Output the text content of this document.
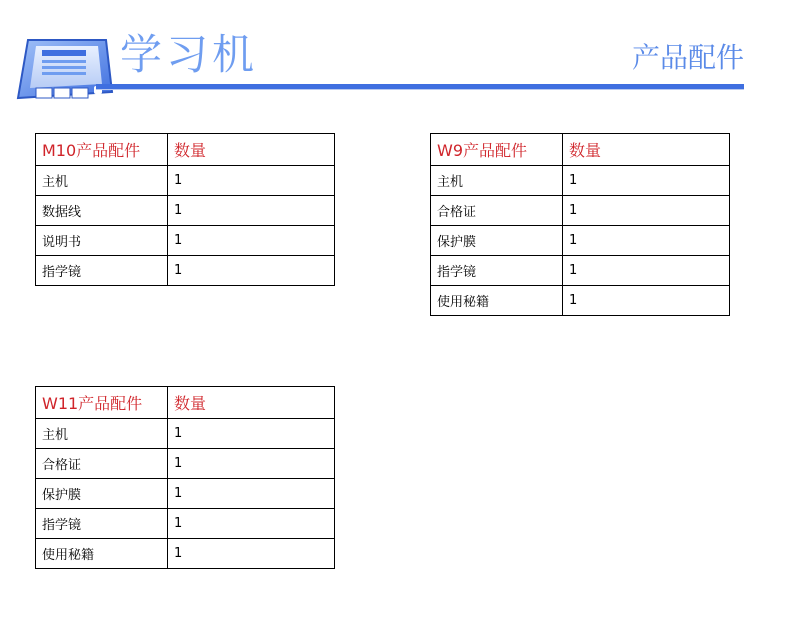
学习机	产品配件
M10产品配件	数量
主机	1
数据线	1
说明书	1
指学镜	1
W9产品配件	数量
主机	1
合格证	1
保护膜	1
指学镜	1
使用秘籍	1
W11产品配件	数量
主机	1
合格证	1
保护膜	1
指学镜	1
使用秘籍	1
